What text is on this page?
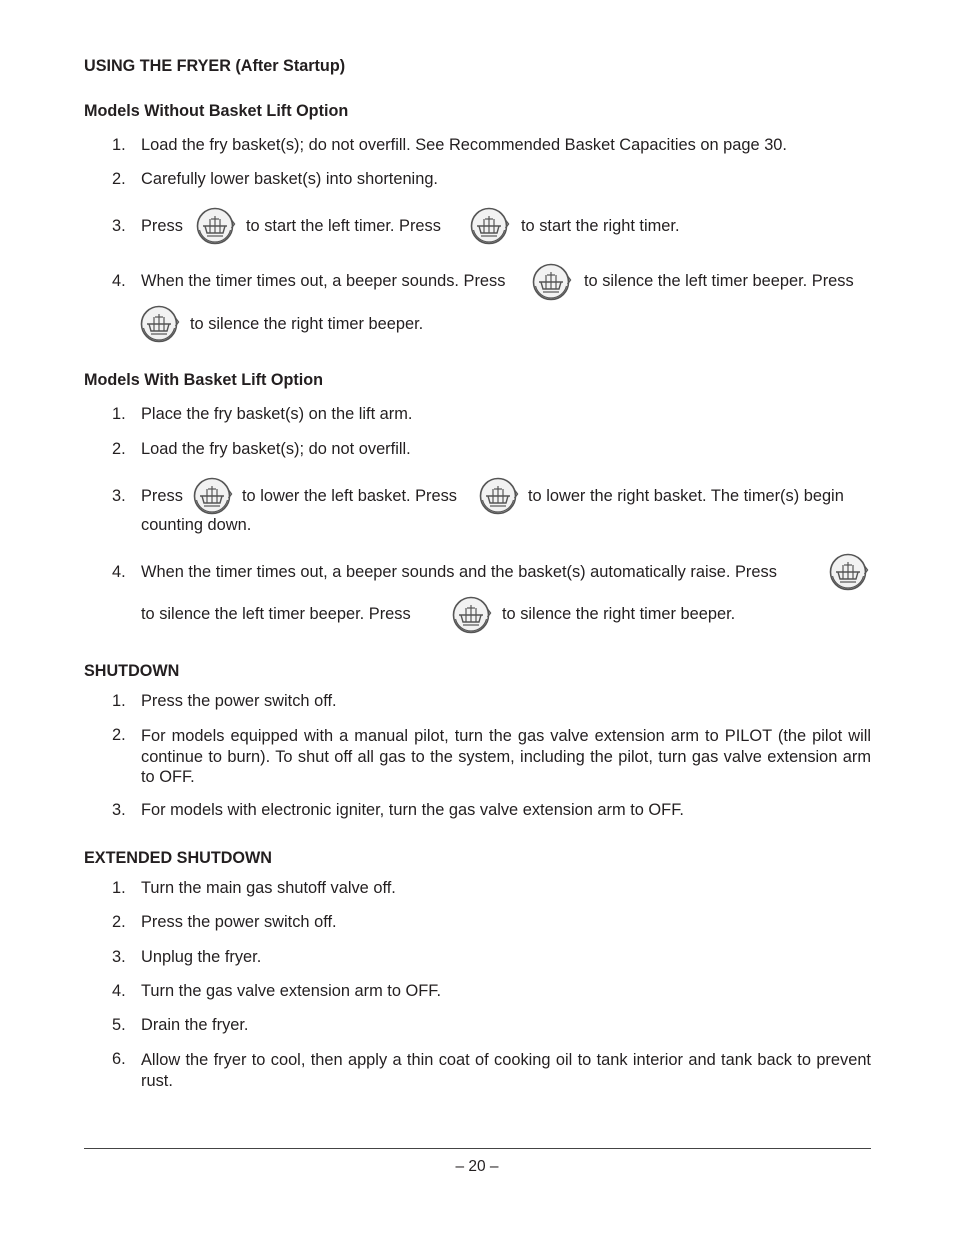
USING THE FRYER (After Startup)
Models Without Basket Lift Option
1. Load the fry basket(s); do not overfill. See Recommended Basket Capacities on page 30.
2. Carefully lower basket(s) into shortening.
3. Press	to start the left timer. Press	to start the right timer.
4. When the timer times out, a beeper sounds. Press	to silence the left timer beeper. Press
to silence the right timer beeper.
Models With Basket Lift Option
1. Place the fry basket(s) on the lift arm.
2. Load the fry basket(s); do not overfill.
3. Press	to lower the left basket. Press	to lower the right basket. The timer(s) begin
counting down.
4. When the timer times out, a beeper sounds and the basket(s) automatically raise. Press
to silence the left timer beeper. Press	to silence the right timer beeper.
SHUTDOWN
1. Press the power switch off.
2. For models equipped with a manual pilot, turn the gas valve extension arm to PILOT (the pilot will continue to burn). To shut off all gas to the system, including the pilot, turn gas valve extension arm to OFF.
3. For models with electronic igniter, turn the gas valve extension arm to OFF.
EXTENDED SHUTDOWN
1. Turn the main gas shutoff valve off.
2. Press the power switch off.
3. Unplug the fryer.
4. Turn the gas valve extension arm to OFF.
5. Drain the fryer.
6. Allow the fryer to cool, then apply a thin coat of cooking oil to tank interior and tank back to prevent rust.
– 20 –
